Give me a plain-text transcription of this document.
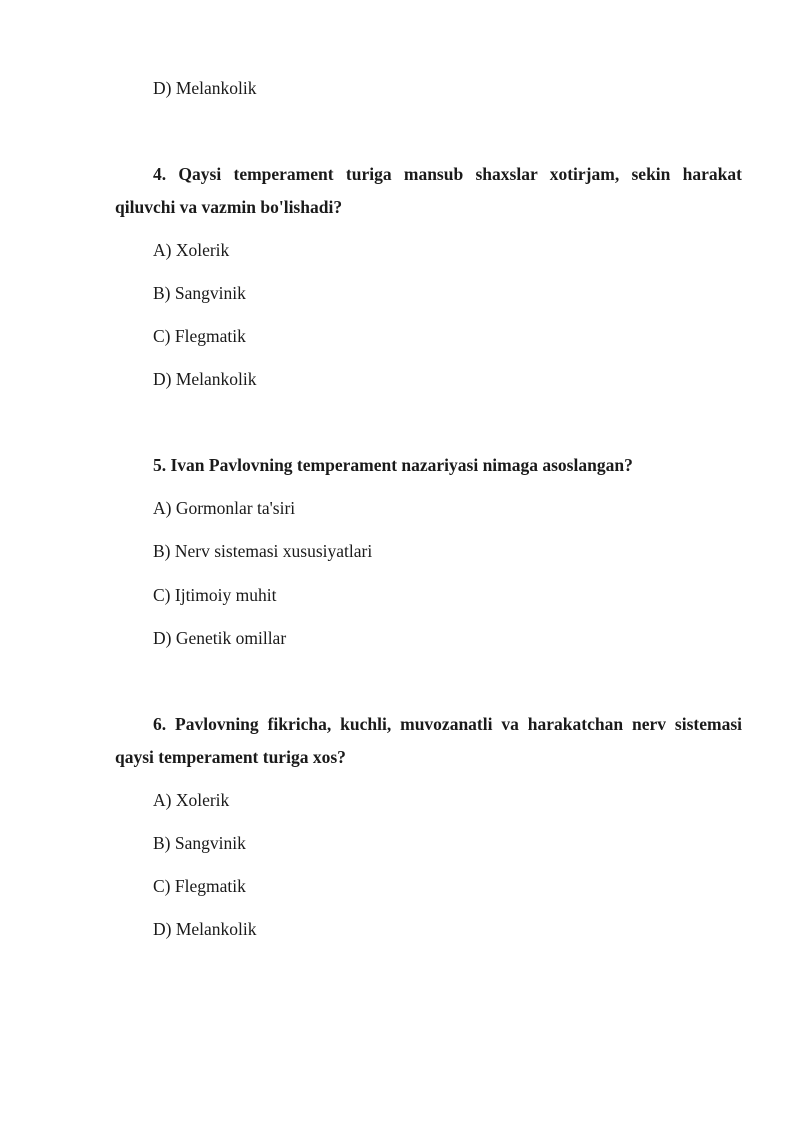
D) Melankolik
4. Qaysi temperament turiga mansub shaxslar xotirjam, sekin harakat
qiluvchi va vazmin bo'lishadi?
A) Xolerik
B) Sangvinik
C) Flegmatik
D) Melankolik
5. Ivan Pavlovning temperament nazariyasi nimaga asoslangan?
A) Gormonlar ta'siri
B) Nerv sistemasi xususiyatlari
C) Ijtimoiy muhit
D) Genetik omillar
6. Pavlovning fikricha, kuchli, muvozanatli va harakatchan nerv sistemasi
qaysi temperament turiga xos?
A) Xolerik
B) Sangvinik
C) Flegmatik
D) Melankolik
